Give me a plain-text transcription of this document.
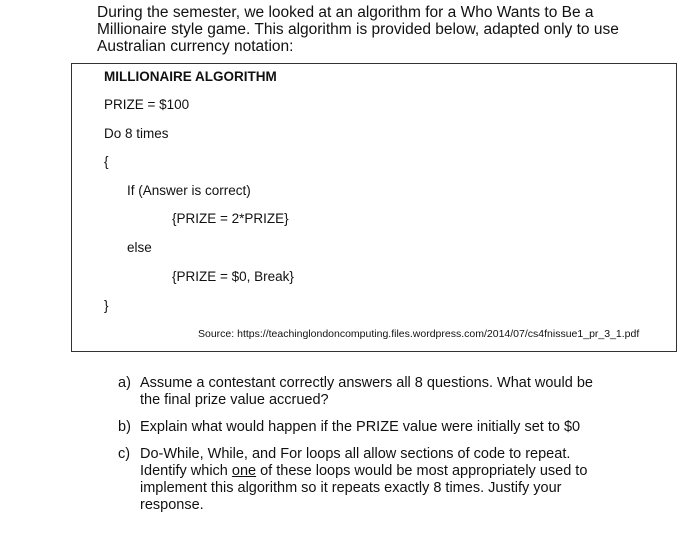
During the semester, we looked at an algorithm for a Who Wants to Be a
Millionaire style game. This algorithm is provided below, adapted only to use
Australian currency notation:
MILLIONAIRE ALGORITHM
PRIZE = $100
Do 8 times
{
If (Answer is correct)
{PRIZE = 2*PRIZE}
else
{PRIZE = $0, Break}
}
Source: https://teachinglondoncomputing.files.wordpress.com/2014/07/cs4fnissue1_pr_3_1.pdf
a) Assume a contestant correctly answers all 8 questions. What would be
the final prize value accrued?
b) Explain what would happen if the PRIZE value were initially set to $0
c) Do-While, While, and For loops all allow sections of code to repeat.
Identify which one of these loops would be most appropriately used to
implement this algorithm so it repeats exactly 8 times. Justify your
response.
